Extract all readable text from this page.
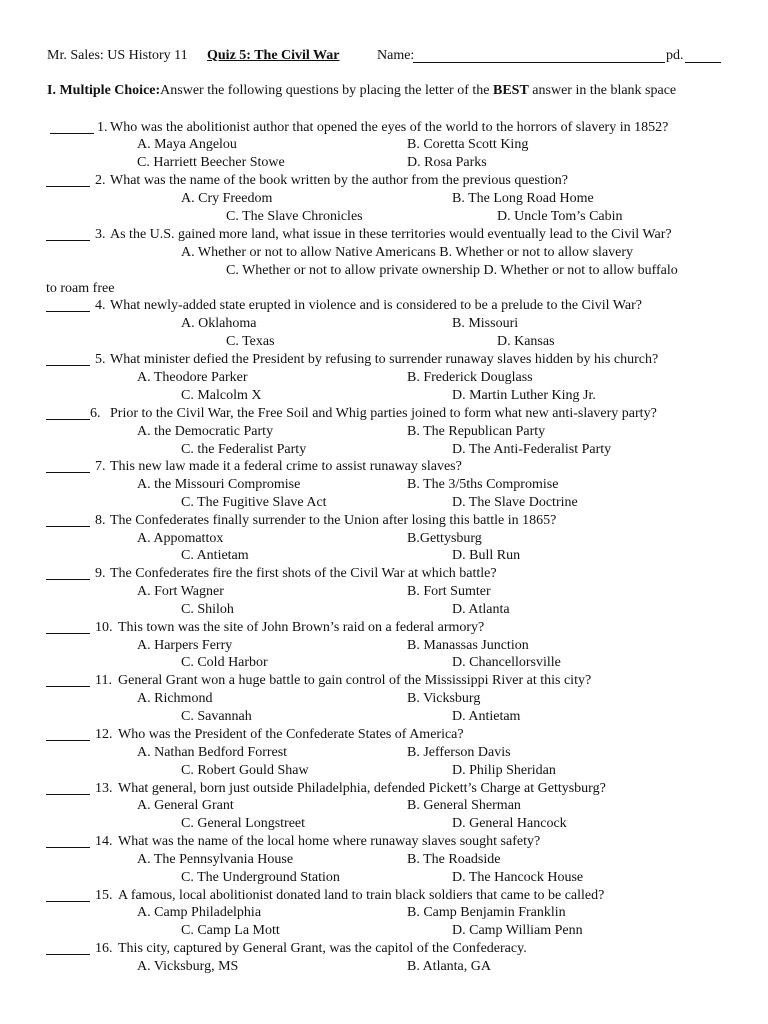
Mr. Sales: US History 11 Quiz 5: The Civil War	Name:	pd.
I. Multiple Choice:Answer the following questions by placing the letter of the BEST answer in the blank space
1. Who was the abolitionist author that opened the eyes of the world to the horrors of slavery in 1852?
A. Maya Angelou	B. Coretta Scott King
C. Harriett Beecher Stowe	D. Rosa Parks
2. What was the name of the book written by the author from the previous question?
A. Cry Freedom	B. The Long Road Home
C. The Slave Chronicles	D. Uncle Tom’s Cabin
3. As the U.S. gained more land, what issue in these territories would eventually lead to the Civil War?
A. Whether or not to allow Native Americans B. Whether or not to allow slavery
C. Whether or not to allow private ownership D. Whether or not to allow buffalo
to roam free
4. What newly-added state erupted in violence and is considered to be a prelude to the Civil War?
A. Oklahoma	B. Missouri
C. Texas	D. Kansas
5. What minister defied the President by refusing to surrender runaway slaves hidden by his church?
A. Theodore Parker	B. Frederick Douglass
C. Malcolm X	D. Martin Luther King Jr.
6. Prior to the Civil War, the Free Soil and Whig parties joined to form what new anti-slavery party?
A. the Democratic Party	B. The Republican Party
C. the Federalist Party	D. The Anti-Federalist Party
7. This new law made it a federal crime to assist runaway slaves?
A. the Missouri Compromise	B. The 3/5ths Compromise
C. The Fugitive Slave Act	D. The Slave Doctrine
8. The Confederates finally surrender to the Union after losing this battle in 1865?
A. Appomattox	B.Gettysburg
C. Antietam	D. Bull Run
9. The Confederates fire the first shots of the Civil War at which battle?
A. Fort Wagner	B. Fort Sumter
C. Shiloh	D. Atlanta
10. This town was the site of John Brown’s raid on a federal armory?
A. Harpers Ferry	B. Manassas Junction
C. Cold Harbor	D. Chancellorsville
11. General Grant won a huge battle to gain control of the Mississippi River at this city?
A. Richmond	B. Vicksburg
C. Savannah	D. Antietam
12. Who was the President of the Confederate States of America?
A. Nathan Bedford Forrest	B. Jefferson Davis
C. Robert Gould Shaw	D. Philip Sheridan
13. What general, born just outside Philadelphia, defended Pickett’s Charge at Gettysburg?
A. General Grant	B. General Sherman
C. General Longstreet	D. General Hancock
14. What was the name of the local home where runaway slaves sought safety?
A. The Pennsylvania House	B. The Roadside
C. The Underground Station	D. The Hancock House
15. A famous, local abolitionist donated land to train black soldiers that came to be called?
A. Camp Philadelphia	B. Camp Benjamin Franklin
C. Camp La Mott	D. Camp William Penn
16. This city, captured by General Grant, was the capitol of the Confederacy.
A. Vicksburg, MS	B. Atlanta, GA
